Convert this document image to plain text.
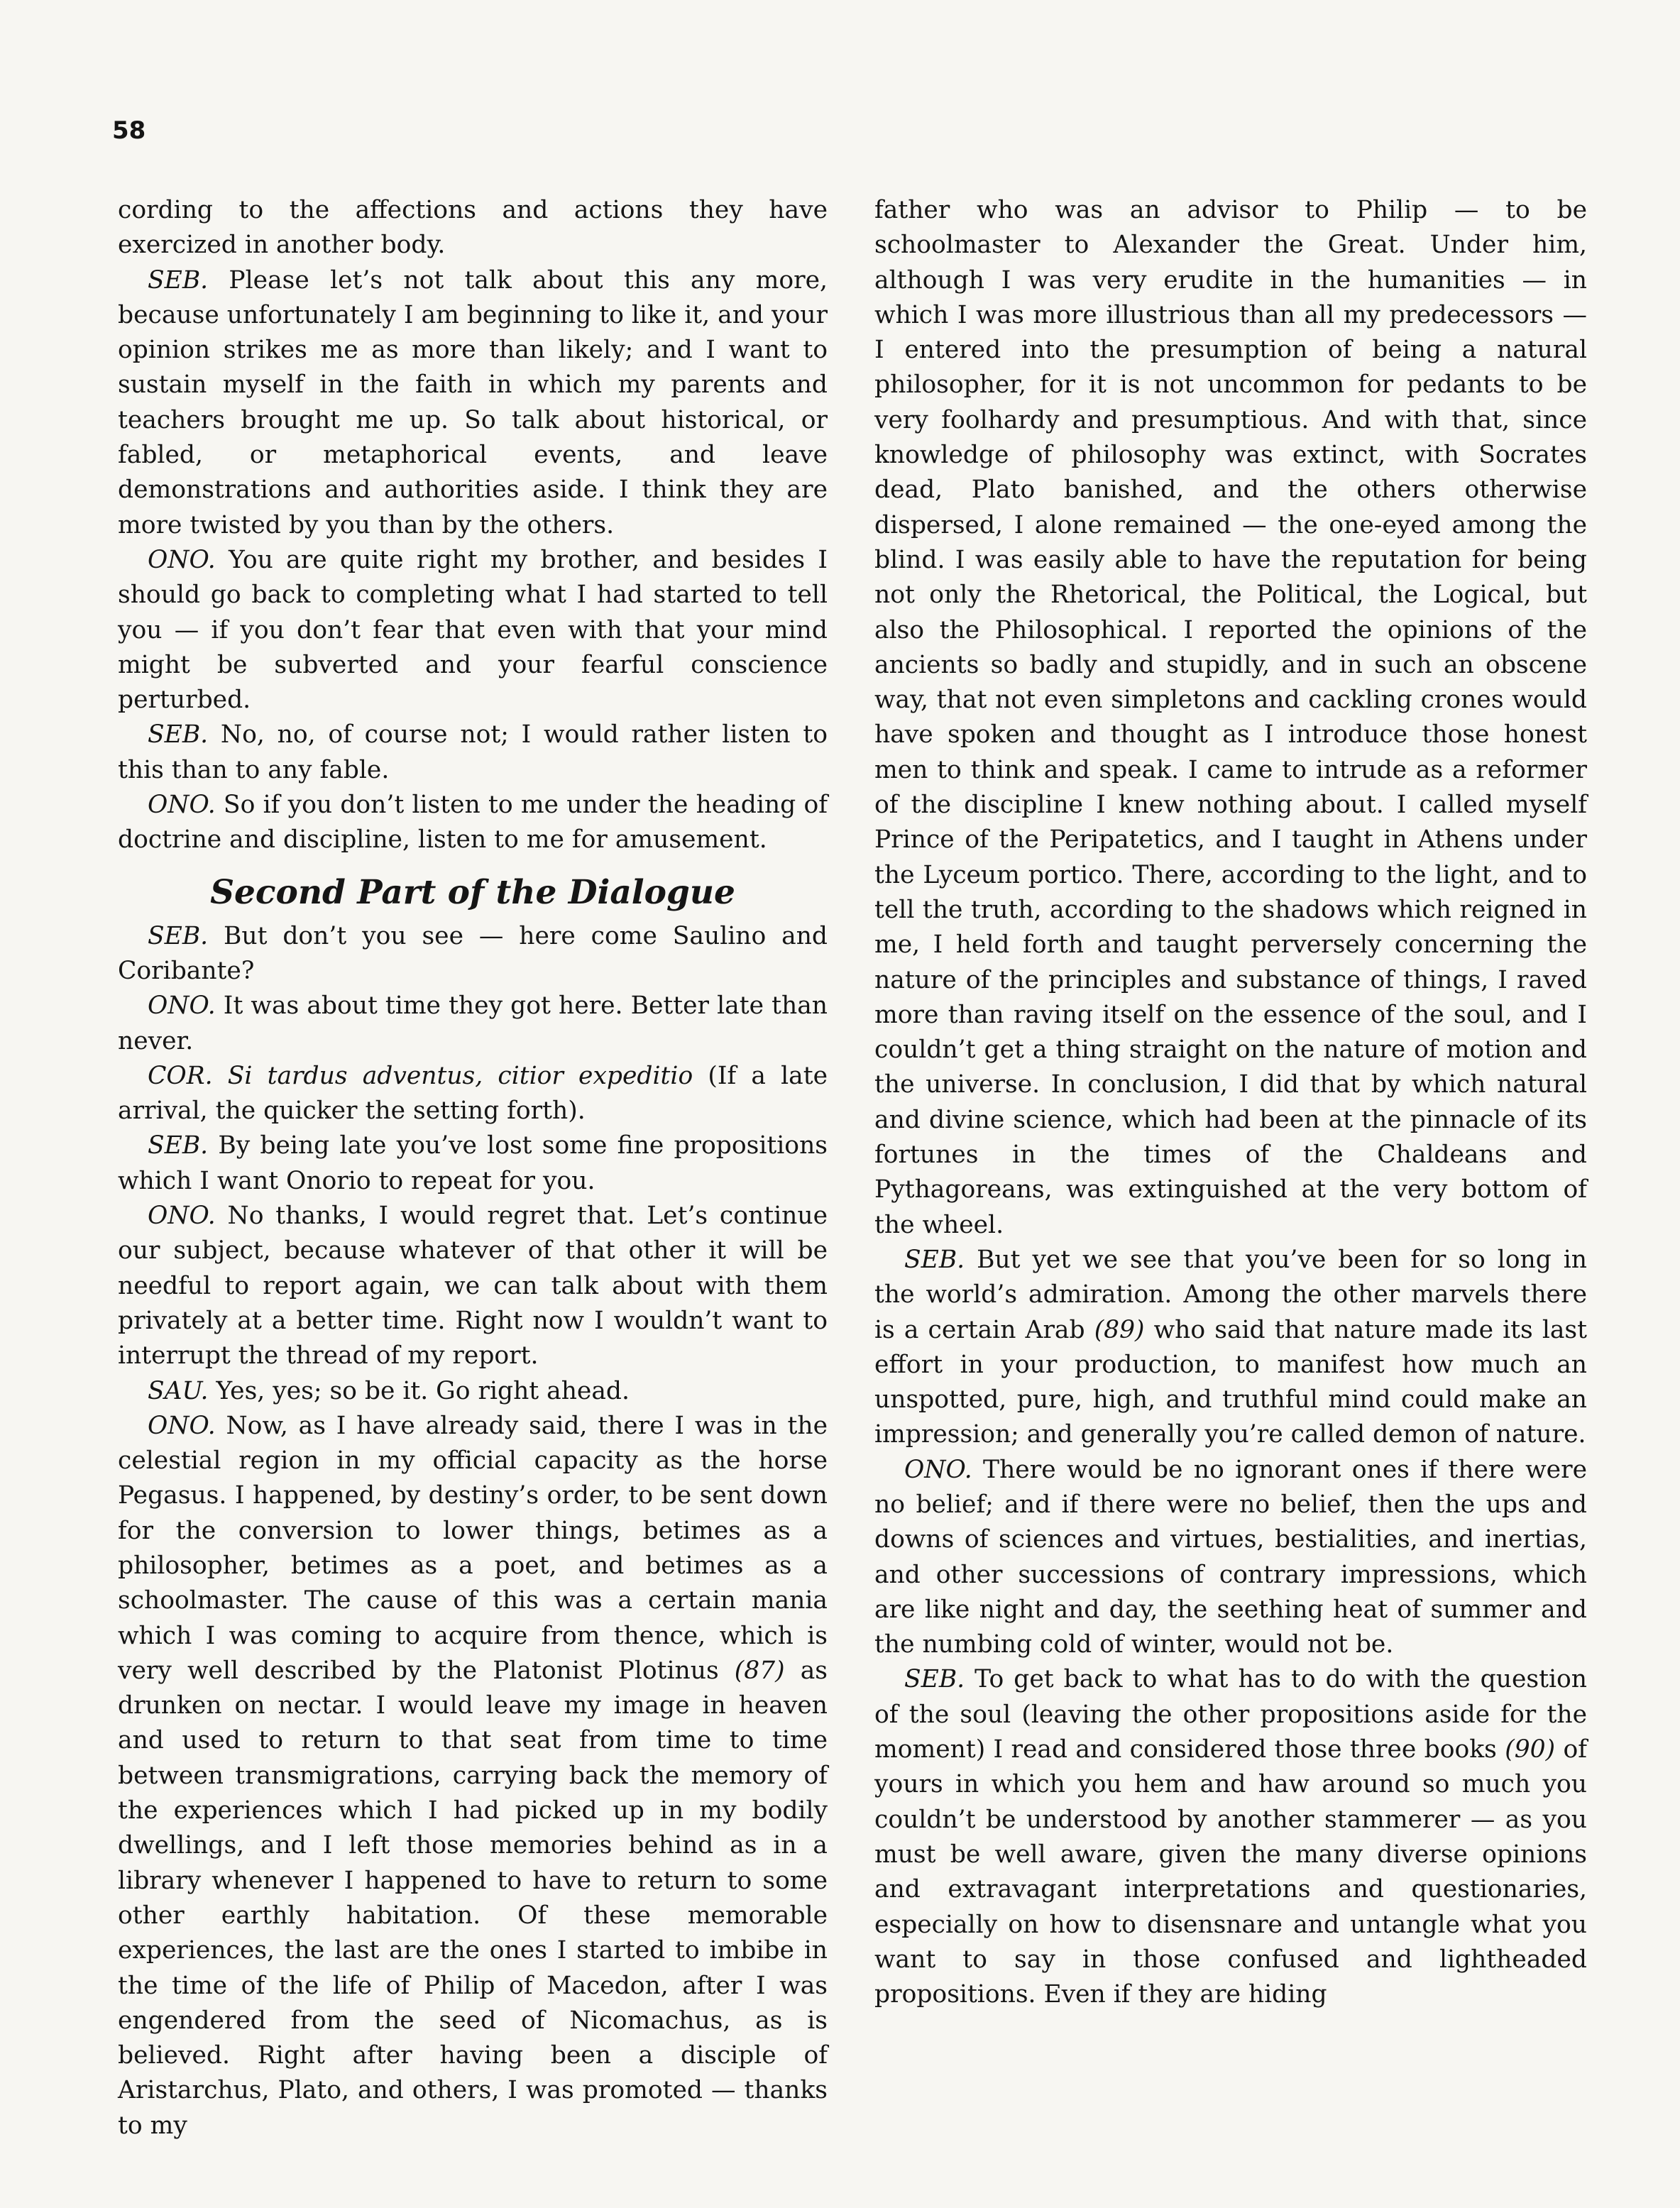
58

cording to the affections and actions they have exercized in another body.

SEB. Please let’s not talk about this any more, because unfortunately I am beginning to like it, and your opinion strikes me as more than likely; and I want to sustain myself in the faith in which my parents and teachers brought me up. So talk about historical, or fabled, or metaphorical events, and leave demonstrations and authorities aside. I think they are more twisted by you than by the others.

ONO. You are quite right my brother, and besides I should go back to completing what I had started to tell you — if you don’t fear that even with that your mind might be subverted and your fearful conscience perturbed.

SEB. No, no, of course not; I would rather listen to this than to any fable.

ONO. So if you don’t listen to me under the heading of doctrine and discipline, listen to me for amusement.

Second Part of the Dialogue

SEB. But don’t you see — here come Saulino and Coribante?

ONO. It was about time they got here. Better late than never.

COR. Si tardus adventus, citior expeditio (If a late arrival, the quicker the setting forth).

SEB. By being late you’ve lost some fine propositions which I want Onorio to repeat for you.

ONO. No thanks, I would regret that. Let’s continue our subject, because whatever of that other it will be needful to report again, we can talk about with them privately at a better time. Right now I wouldn’t want to interrupt the thread of my report.

SAU. Yes, yes; so be it. Go right ahead.

ONO. Now, as I have already said, there I was in the celestial region in my official capacity as the horse Pegasus. I happened, by destiny’s order, to be sent down for the conversion to lower things, betimes as a philosopher, betimes as a poet, and betimes as a schoolmaster. The cause of this was a certain mania which I was coming to acquire from thence, which is very well described by the Platonist Plotinus (87) as drunken on nectar. I would leave my image in heaven and used to return to that seat from time to time between transmigrations, carrying back the memory of the experiences which I had picked up in my bodily dwellings, and I left those memories behind as in a library whenever I happened to have to return to some other earthly habitation. Of these memorable experiences, the last are the ones I started to imbibe in the time of the life of Philip of Macedon, after I was engendered from the seed of Nicomachus, as is believed. Right after having been a disciple of Aristarchus, Plato, and others, I was promoted — thanks to my

father who was an advisor to Philip — to be schoolmaster to Alexander the Great. Under him, although I was very erudite in the humanities — in which I was more illustrious than all my predecessors — I entered into the presumption of being a natural philosopher, for it is not uncommon for pedants to be very foolhardy and presumptious. And with that, since knowledge of philosophy was extinct, with Socrates dead, Plato banished, and the others otherwise dispersed, I alone remained — the one-eyed among the blind. I was easily able to have the reputation for being not only the Rhetorical, the Political, the Logical, but also the Philosophical. I reported the opinions of the ancients so badly and stupidly, and in such an obscene way, that not even simpletons and cackling crones would have spoken and thought as I introduce those honest men to think and speak. I came to intrude as a reformer of the discipline I knew nothing about. I called myself Prince of the Peripatetics, and I taught in Athens under the Lyceum portico. There, according to the light, and to tell the truth, according to the shadows which reigned in me, I held forth and taught perversely concerning the nature of the principles and substance of things, I raved more than raving itself on the essence of the soul, and I couldn’t get a thing straight on the nature of motion and the universe. In conclusion, I did that by which natural and divine science, which had been at the pinnacle of its fortunes in the times of the Chaldeans and Pythagoreans, was extinguished at the very bottom of the wheel.

SEB. But yet we see that you’ve been for so long in the world’s admiration. Among the other marvels there is a certain Arab (89) who said that nature made its last effort in your production, to manifest how much an unspotted, pure, high, and truthful mind could make an impression; and generally you’re called demon of nature.

ONO. There would be no ignorant ones if there were no belief; and if there were no belief, then the ups and downs of sciences and virtues, bestialities, and inertias, and other successions of contrary impressions, which are like night and day, the seething heat of summer and the numbing cold of winter, would not be.

SEB. To get back to what has to do with the question of the soul (leaving the other propositions aside for the moment) I read and considered those three books (90) of yours in which you hem and haw around so much you couldn’t be understood by another stammerer — as you must be well aware, given the many diverse opinions and extravagant interpretations and questionaries, especially on how to disensnare and untangle what you want to say in those confused and lightheaded propositions. Even if they are hiding
